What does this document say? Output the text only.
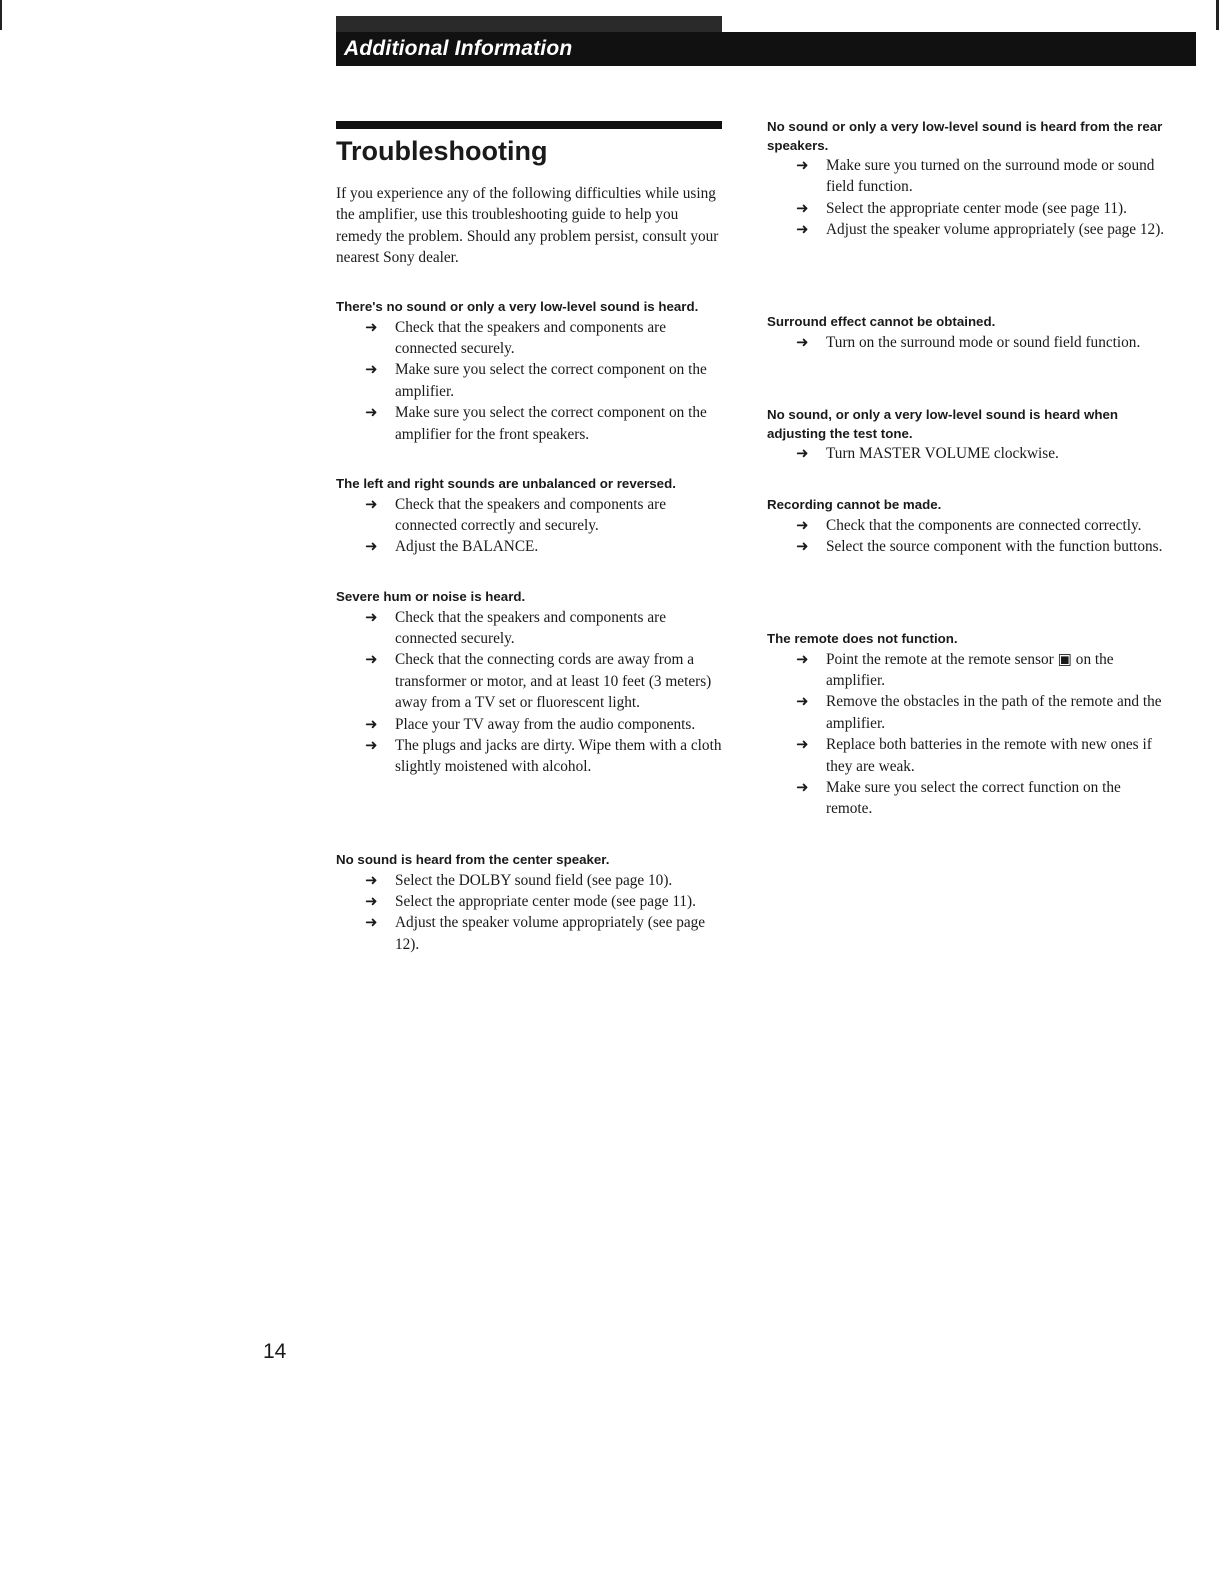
Additional Information
Troubleshooting

If you experience any of the following difficulties while using the amplifier, use this troubleshooting guide to help you remedy the problem. Should any problem persist, consult your nearest Sony dealer.

There's no sound or only a very low-level sound is heard.

➜ Check that the speakers and components are connected securely.
➜ Make sure you select the correct component on the amplifier.
➜ Make sure you select the correct component on the amplifier for the front speakers.

The left and right sounds are unbalanced or reversed.

➜ Check that the speakers and components are connected correctly and securely.
➜ Adjust the BALANCE.

Severe hum or noise is heard.

➜ Check that the speakers and components are connected securely.
➜ Check that the connecting cords are away from a transformer or motor, and at least 10 feet (3 meters) away from a TV set or fluorescent light.
➜ Place your TV away from the audio components.
➜ The plugs and jacks are dirty. Wipe them with a cloth slightly moistened with alcohol.

No sound is heard from the center speaker.

➜ Select the DOLBY sound field (see page 10).
➜ Select the appropriate center mode (see page 11).
➜ Adjust the speaker volume appropriately (see page 12).

No sound or only a very low-level sound is heard from the rear speakers.

➜ Make sure you turned on the surround mode or sound field function.
➜ Select the appropriate center mode (see page 11).
➜ Adjust the speaker volume appropriately (see page 12).

Surround effect cannot be obtained.

➜ Turn on the surround mode or sound field function.

No sound, or only a very low-level sound is heard when adjusting the test tone.

➜ Turn MASTER VOLUME clockwise.

Recording cannot be made.

➜ Check that the components are connected correctly.
➜ Select the source component with the function buttons.

The remote does not function.

➜ Point the remote at the remote sensor ▣ on the amplifier.
➜ Remove the obstacles in the path of the remote and the amplifier.
➜ Replace both batteries in the remote with new ones if they are weak.
➜ Make sure you select the correct function on the remote.
14
